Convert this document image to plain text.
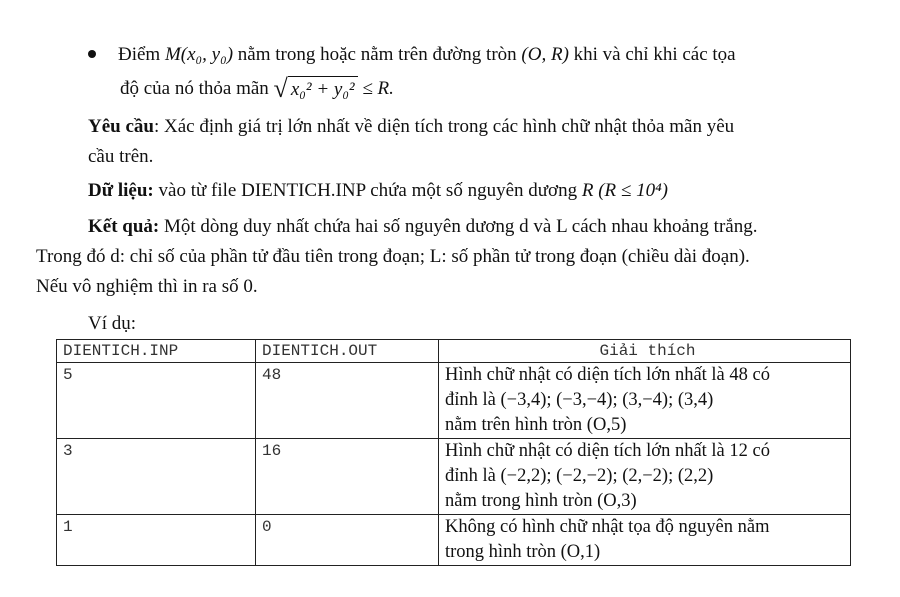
Điểm M(x₀, y₀) nằm trong hoặc nằm trên đường tròn (O, R) khi và chỉ khi các tọa
độ của nó thỏa mãn √ x₀² + y₀² ≤ R.
Yêu cầu: Xác định giá trị lớn nhất về diện tích trong các hình chữ nhật thỏa mãn yêu
cầu trên.
Dữ liệu: vào từ file DIENTICH.INP chứa một số nguyên dương R (R ≤ 10⁴)
Kết quả: Một dòng duy nhất chứa hai số nguyên dương d và L cách nhau khoảng trắng.
Trong đó d: chỉ số của phần tử đầu tiên trong đoạn; L: số phần tử trong đoạn (chiều dài đoạn).
Nếu vô nghiệm thì in ra số 0.
Ví dụ:
DIENTICH.INP	DIENTICH.OUT	Giải thích
5	48	Hình chữ nhật có diện tích lớn nhất là 48 có
đỉnh là (−3,4); (−3,−4); (3,−4); (3,4)
nằm trên hình tròn (O,5)

3	16	Hình chữ nhật có diện tích lớn nhất là 12 có
đỉnh là (−2,2); (−2,−2); (2,−2); (2,2)
nằm trong hình tròn (O,3)

1	0	Không có hình chữ nhật tọa độ nguyên nằm
trong hình tròn (O,1)
